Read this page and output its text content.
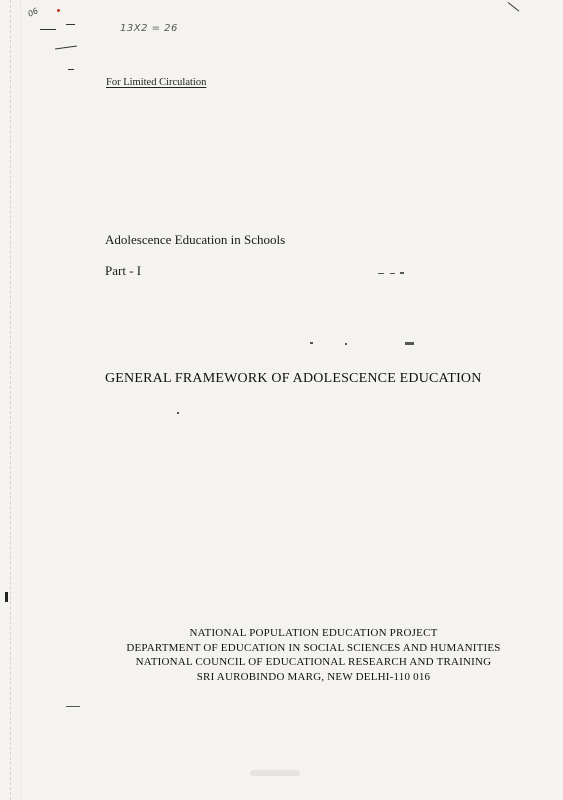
06
13X2 = 26
For Limited Circulation
Adolescence Education in Schools
Part - I
GENERAL FRAMEWORK OF ADOLESCENCE EDUCATION
NATIONAL POPULATION EDUCATION PROJECT
DEPARTMENT OF EDUCATION IN SOCIAL SCIENCES AND HUMANITIES
NATIONAL COUNCIL OF EDUCATIONAL RESEARCH AND TRAINING
SRI AUROBINDO MARG, NEW DELHI-110 016
